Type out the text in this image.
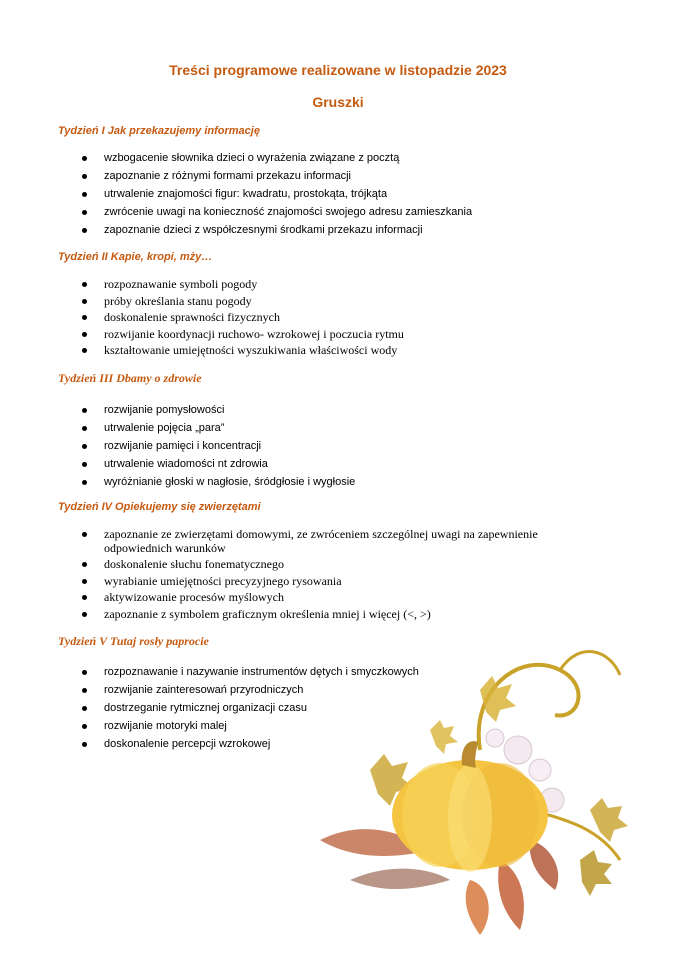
Treści programowe realizowane w listopadzie 2023
Gruszki
Tydzień I Jak przekazujemy informację
wzbogacenie słownika dzieci o wyrażenia związane z pocztą
zapoznanie z różnymi formami przekazu informacji
utrwalenie znajomości figur: kwadratu, prostokąta, trójkąta
zwrócenie uwagi na konieczność znajomości swojego adresu zamieszkania
zapoznanie dzieci z współczesnymi środkami przekazu informacji
Tydzień II Kapie, kropi, mży…
rozpoznawanie symboli pogody
próby określania stanu pogody
doskonalenie sprawności fizycznych
rozwijanie koordynacji ruchowo- wzrokowej i poczucia rytmu
kształtowanie umiejętności wyszukiwania właściwości wody
Tydzień III Dbamy o zdrowie
rozwijanie pomysłowości
utrwalenie pojęcia „para”
rozwijanie pamięci i koncentracji
utrwalenie wiadomości nt zdrowia
wyróżnianie głoski w nagłosie, śródgłosie i wygłosie
Tydzień IV Opiekujemy się zwierzętami
zapoznanie ze zwierzętami domowymi, ze zwróceniem szczególnej uwagi na zapewnienie odpowiednich warunków
doskonalenie słuchu fonematycznego
wyrabianie umiejętności precyzyjnego rysowania
aktywizowanie procesów myślowych
zapoznanie z symbolem graficznym określenia mniej i więcej (<, >)
Tydzień V Tutaj rosły paprocie
rozpoznawanie i nazywanie instrumentów dętych i smyczkowych
rozwijanie zainteresowań przyrodniczych
dostrzeganie rytmicznej organizacji czasu
rozwijanie motoryki malej
doskonalenie percepcji wzrokowej
